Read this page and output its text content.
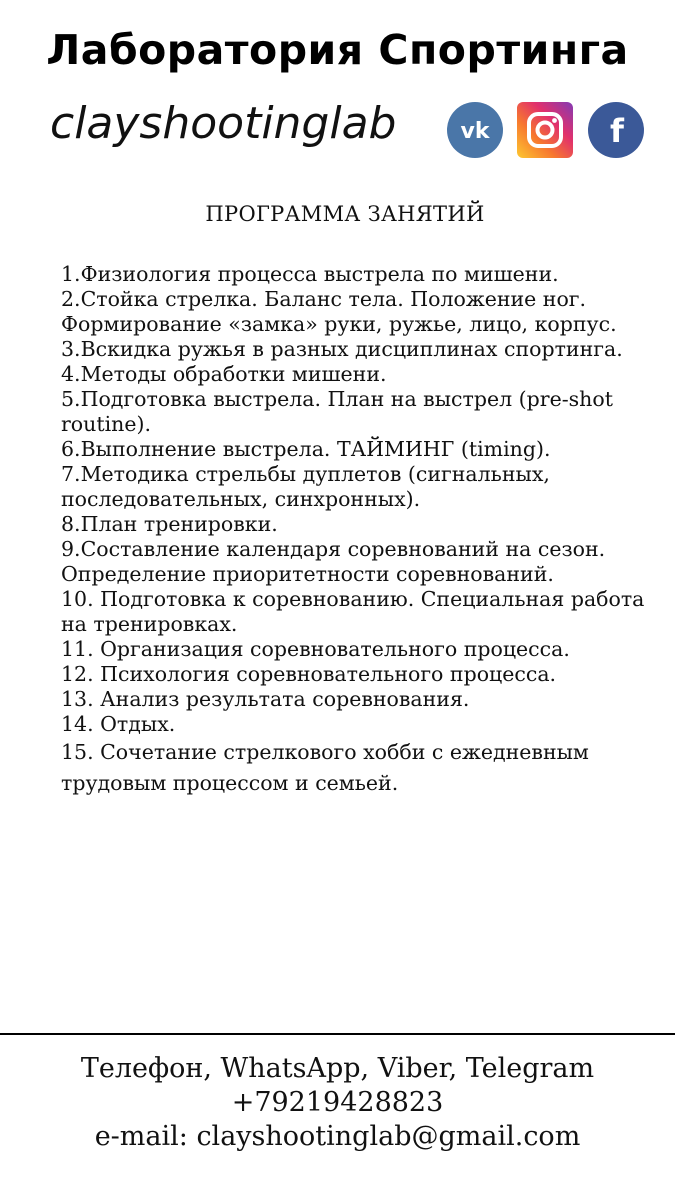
Лаборатория Спортинга
clayshootinglab	vk	f
ПРОГРАММА ЗАНЯТИЙ
1.Физиология процесса выстрела по мишени.
2.Стойка стрелка. Баланс тела. Положение ног. Формирование «замка» руки, ружье, лицо, корпус.
3.Вскидка ружья в разных дисциплинах спортинга.
4.Методы обработки мишени.
5.Подготовка выстрела. План на выстрел (pre-shot routine).
6.Выполнение выстрела. ТАЙМИНГ (timing).
7.Методика стрельбы дуплетов (сигнальных, последовательных, синхронных).
8.План тренировки.
9.Составление календаря соревнований на сезон. Определение приоритетности соревнований.
10. Подготовка к соревнованию. Специальная работа на тренировках.
11. Организация соревновательного процесса.
12. Психология соревновательного процесса.
13. Анализ результата соревнования.
14. Отдых.
15. Сочетание стрелкового хобби с ежедневным трудовым процессом и семьей.
Телефон, WhatsApp, Viber, Telegram
+79219428823
e-mail: clayshootinglab@gmail.com
